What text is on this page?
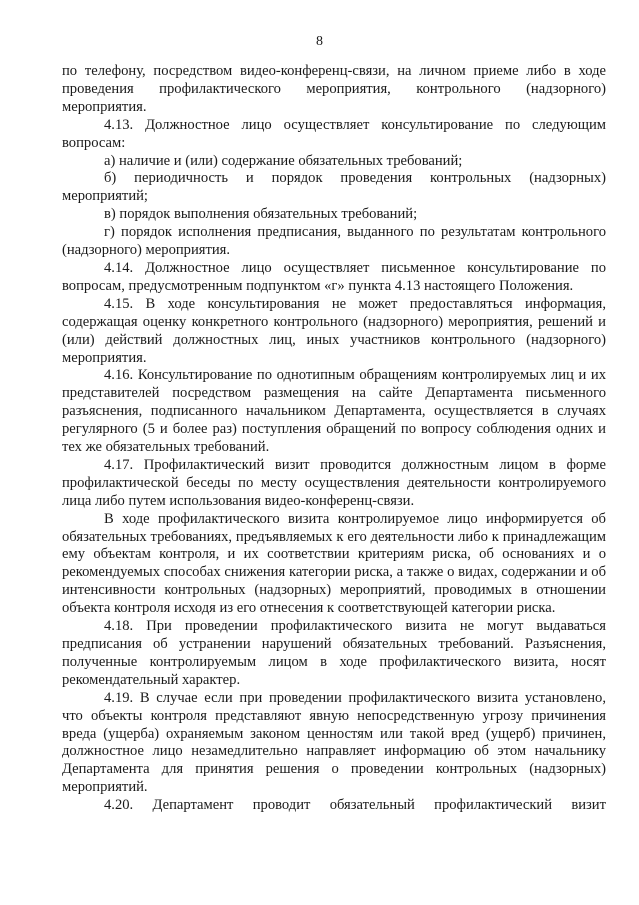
8

по телефону, посредством видео-конференц-связи, на личном приеме либо в ходе проведения профилактического мероприятия, контрольного (надзорного) мероприятия.

4.13. Должностное лицо осуществляет консультирование по следующим вопросам:

а) наличие и (или) содержание обязательных требований;

б) периодичность и порядок проведения контрольных (надзорных) мероприятий;

в) порядок выполнения обязательных требований;

г) порядок исполнения предписания, выданного по результатам контрольного (надзорного) мероприятия.

4.14. Должностное лицо осуществляет письменное консультирование по вопросам, предусмотренным подпунктом «г» пункта 4.13 настоящего Положения.

4.15. В ходе консультирования не может предоставляться информация, содержащая оценку конкретного контрольного (надзорного) мероприятия, решений и (или) действий должностных лиц, иных участников контрольного (надзорного) мероприятия.

4.16. Консультирование по однотипным обращениям контролируемых лиц и их представителей посредством размещения на сайте Департамента письменного разъяснения, подписанного начальником Департамента, осуществляется в случаях регулярного (5 и более раз) поступления обращений по вопросу соблюдения одних и тех же обязательных требований.

4.17. Профилактический визит проводится должностным лицом в форме профилактической беседы по месту осуществления деятельности контролируемого лица либо путем использования видео-конференц-связи.

В ходе профилактического визита контролируемое лицо информируется об обязательных требованиях, предъявляемых к его деятельности либо к принадлежащим ему объектам контроля, и их соответствии критериям риска, об основаниях и о рекомендуемых способах снижения категории риска, а также о видах, содержании и об интенсивности контрольных (надзорных) мероприятий, проводимых в отношении объекта контроля исходя из его отнесения к соответствующей категории риска.

4.18. При проведении профилактического визита не могут выдаваться предписания об устранении нарушений обязательных требований. Разъяснения, полученные контролируемым лицом в ходе профилактического визита, носят рекомендательный характер.

4.19. В случае если при проведении профилактического визита установлено, что объекты контроля представляют явную непосредственную угрозу причинения вреда (ущерба) охраняемым законом ценностям или такой вред (ущерб) причинен, должностное лицо незамедлительно направляет информацию об этом начальнику Департамента для принятия решения о проведении контрольных (надзорных) мероприятий.

4.20. Департамент проводит обязательный профилактический визит
